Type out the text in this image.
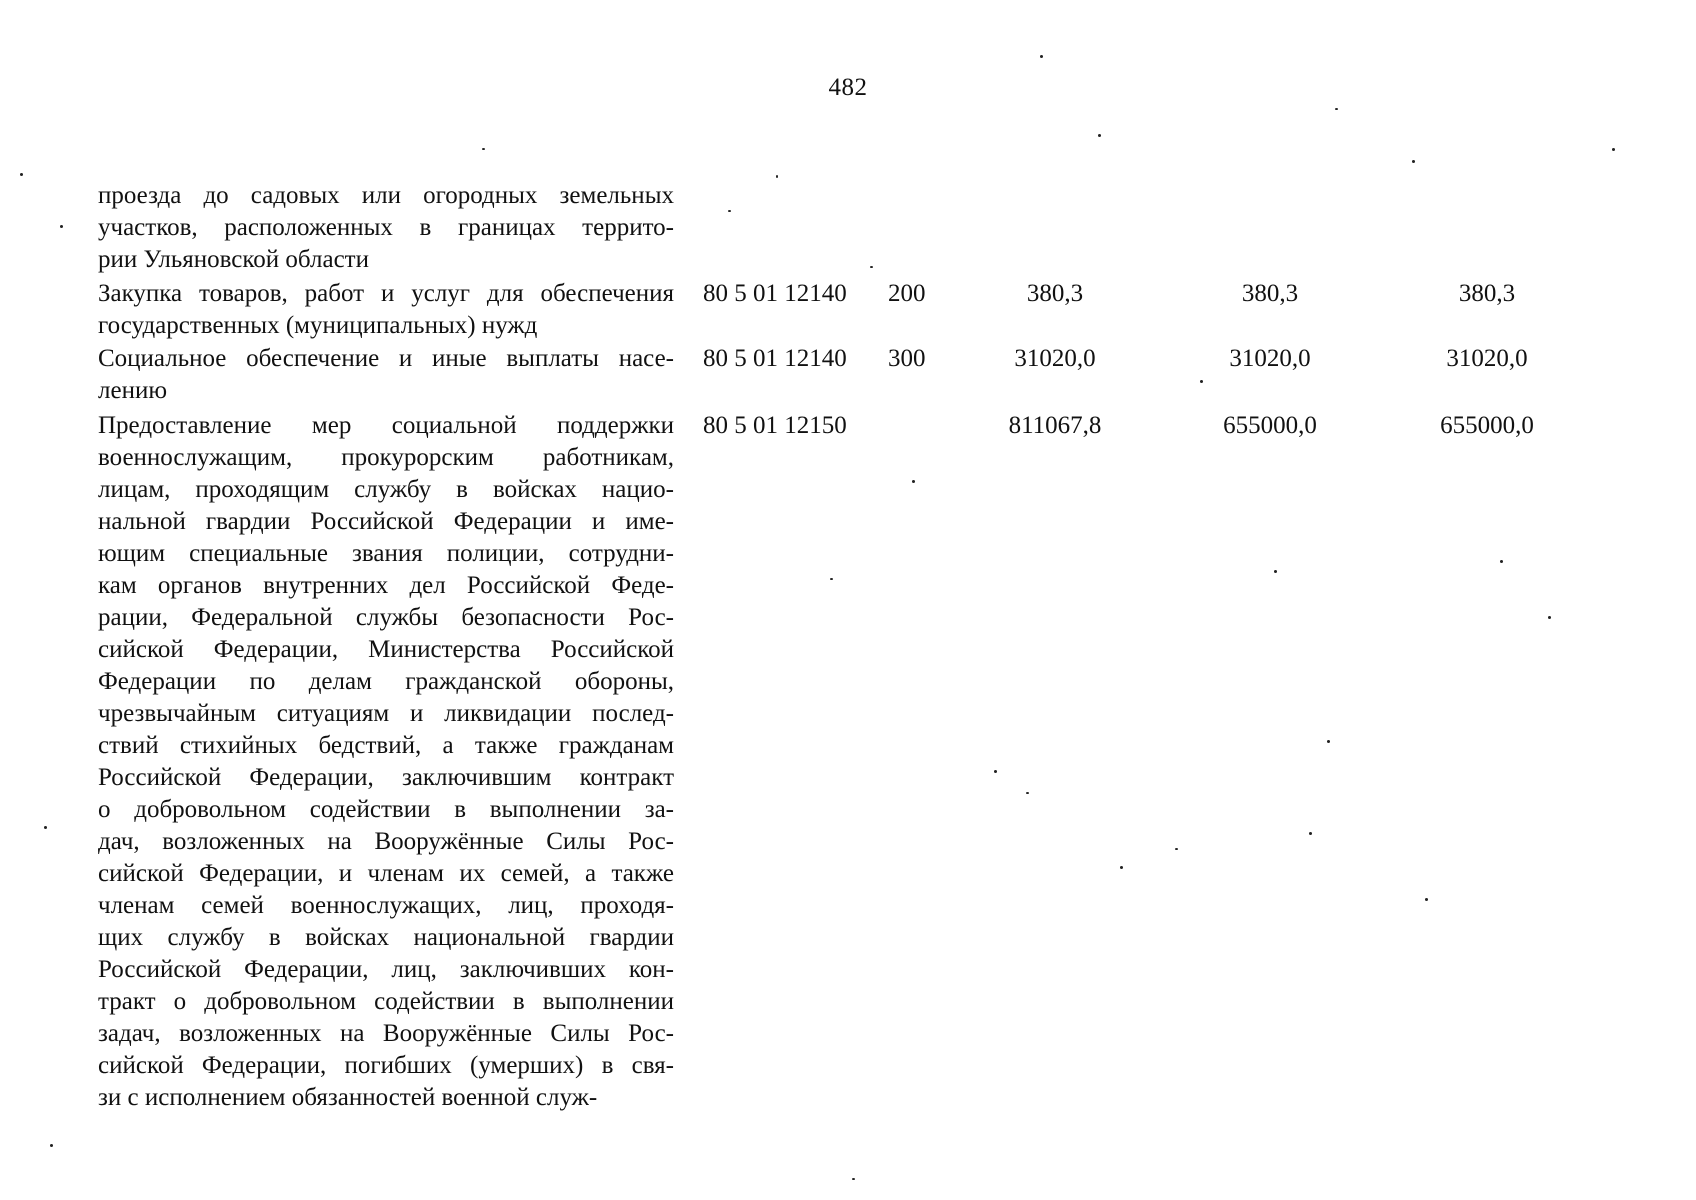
482
проезда до садовых или огородных земельных
участков, расположенных в границах террито-
рии Ульяновской области
Закупка товаров, работ и услуг для обеспечения
государственных (муниципальных) нужд
80 5 01 12140 200	380,3	380,3	380,3
Социальное обеспечение и иные выплаты насе-
лению
80 5 01 12140 300	31020,0	31020,0	31020,0
Предоставление мер социальной поддержки
военнослужащим, прокурорским работникам,
лицам, проходящим службу в войсках нацио-
нальной гвардии Российской Федерации и име-
ющим специальные звания полиции, сотрудни-
кам органов внутренних дел Российской Феде-
рации, Федеральной службы безопасности Рос-
сийской Федерации, Министерства Российской
Федерации по делам гражданской обороны,
чрезвычайным ситуациям и ликвидации послед-
ствий стихийных бедствий, а также гражданам
Российской Федерации, заключившим контракт
о добровольном содействии в выполнении за-
дач, возложенных на Вооружённые Силы Рос-
сийской Федерации, и членам их семей, а также
членам семей военнослужащих, лиц, проходя-
щих службу в войсках национальной гвардии
Российской Федерации, лиц, заключивших кон-
тракт о добровольном содействии в выполнении
задач, возложенных на Вооружённые Силы Рос-
сийской Федерации, погибших (умерших) в свя-
зи с исполнением обязанностей военной служ-
80 5 01 12150	811067,8	655000,0	655000,0
